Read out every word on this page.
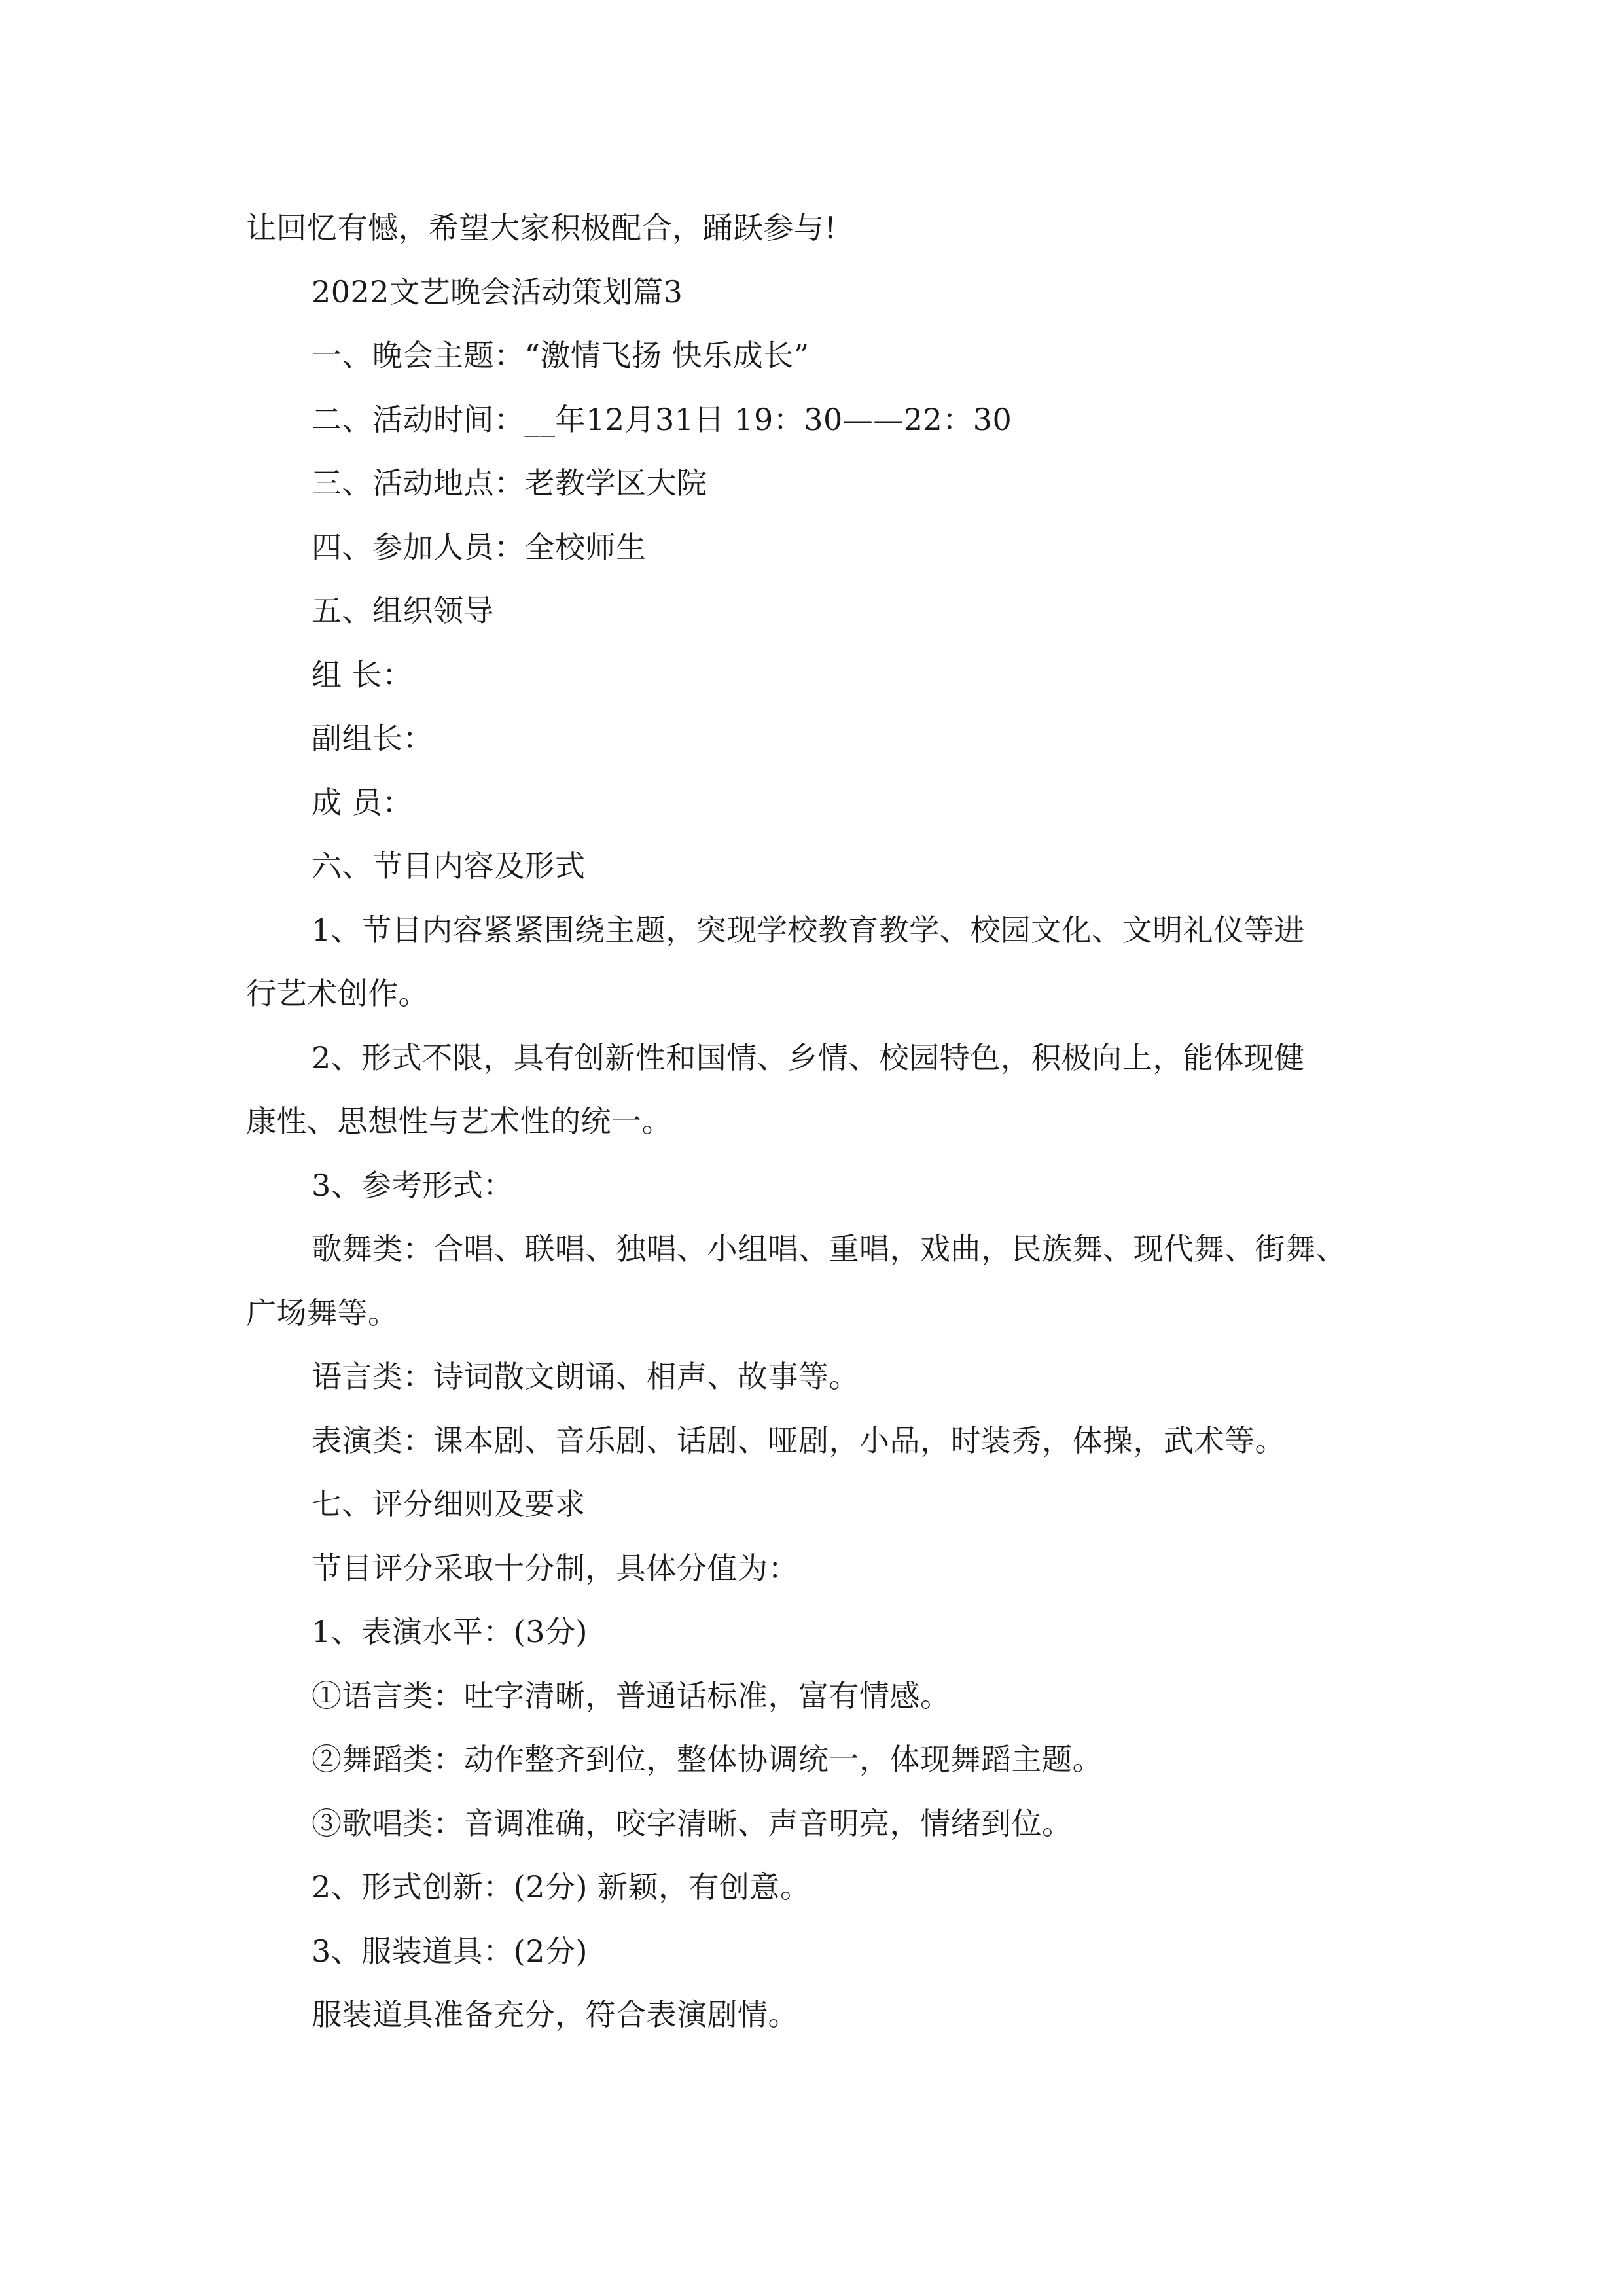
让回忆有憾，希望大家积极配合，踊跃参与!
2022文艺晚会活动策划篇3
一、晚会主题：“激情飞扬 快乐成长”
二、活动时间：__年12月31日 19：30——22：30
三、活动地点：老教学区大院
四、参加人员：全校师生
五、组织领导
组 长：
副组长：
成 员：
六、节目内容及形式
1、节目内容紧紧围绕主题，突现学校教育教学、校园文化、文明礼仪等进
行艺术创作。
2、形式不限，具有创新性和国情、乡情、校园特色，积极向上，能体现健
康性、思想性与艺术性的统一。
3、参考形式：
歌舞类：合唱、联唱、独唱、小组唱、重唱，戏曲，民族舞、现代舞、街舞、
广场舞等。
语言类：诗词散文朗诵、相声、故事等。
表演类：课本剧、音乐剧、话剧、哑剧，小品，时装秀，体操，武术等。
七、评分细则及要求
节目评分采取十分制，具体分值为：
1、表演水平：(3分)
①语言类：吐字清晰，普通话标准，富有情感。
②舞蹈类：动作整齐到位，整体协调统一，体现舞蹈主题。
③歌唱类：音调准确，咬字清晰、声音明亮，情绪到位。
2、形式创新：(2分) 新颖，有创意。
3、服装道具：(2分)
服装道具准备充分，符合表演剧情。
